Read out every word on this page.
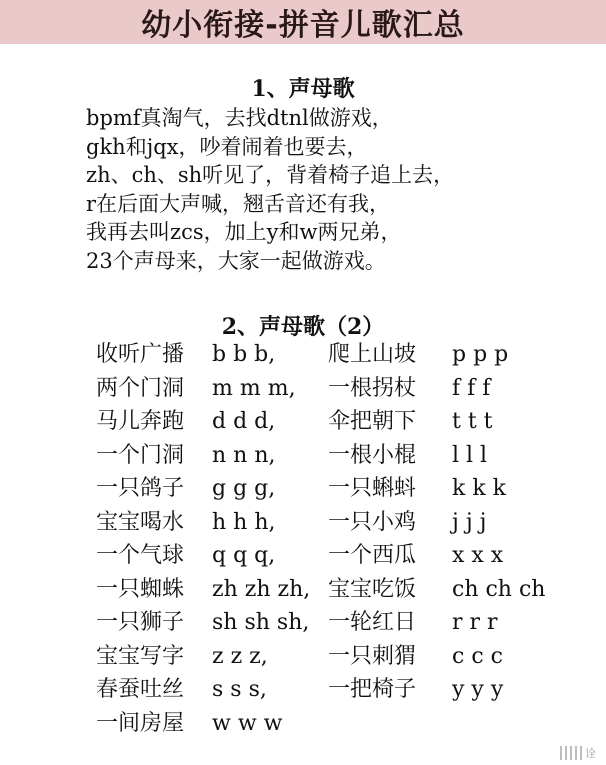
幼小衔接-拼音儿歌汇总
1、声母歌
bpmf真淘气，去找dtnl做游戏，
gkh和jqx，吵着闹着也要去，
zh、ch、sh听见了，背着椅子追上去，
r在后面大声喊，翘舌音还有我，
我再去叫zcs，加上y和w两兄弟，
23个声母来，大家一起做游戏。
2、声母歌（2）
收听广播 b b b, 爬上山坡 p p p
两个门洞 m m m, 一根拐杖 f f f
马儿奔跑 d d d, 伞把朝下 t t t
一个门洞 n n n, 一根小棍 l l l
一只鸽子 g g g, 一只蝌蚪 k k k
宝宝喝水 h h h, 一只小鸡 j j j
一个气球 q q q, 一个西瓜 x x x
一只蜘蛛 zh zh zh, 宝宝吃饭 ch ch ch
一只狮子 sh sh sh, 一轮红日 r r r
宝宝写字 z z z,	一只刺猬 c c c
春蚕吐丝 s s s,	一把椅子 y y y
一间房屋 w w w
诠
